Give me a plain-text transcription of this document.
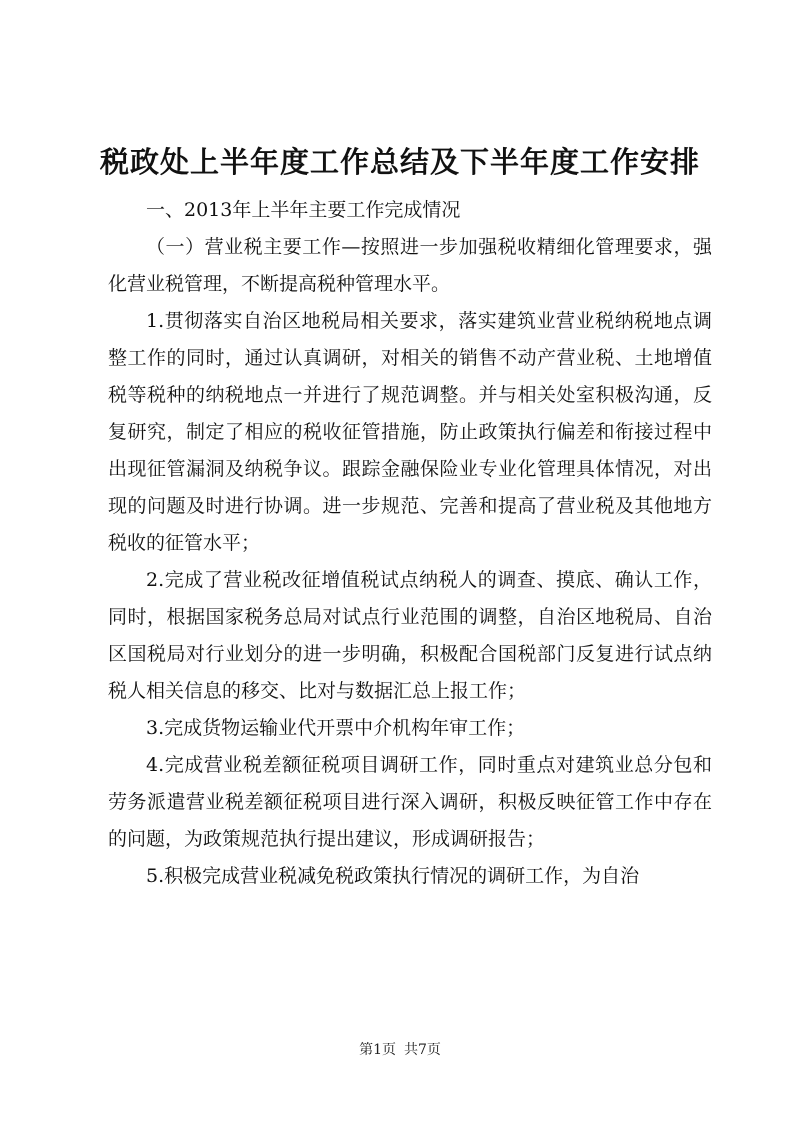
税政处上半年度工作总结及下半年度工作安排

一、2013年上半年主要工作完成情况

（一）营业税主要工作—按照进一步加强税收精细化管理要求，强化营业税管理，不断提高税种管理水平。

1.贯彻落实自治区地税局相关要求，落实建筑业营业税纳税地点调整工作的同时，通过认真调研，对相关的销售不动产营业税、土地增值税等税种的纳税地点一并进行了规范调整。并与相关处室积极沟通，反复研究，制定了相应的税收征管措施，防止政策执行偏差和衔接过程中出现征管漏洞及纳税争议。跟踪金融保险业专业化管理具体情况，对出现的问题及时进行协调。进一步规范、完善和提高了营业税及其他地方税收的征管水平；

2.完成了营业税改征增值税试点纳税人的调查、摸底、确认工作，同时，根据国家税务总局对试点行业范围的调整，自治区地税局、自治区国税局对行业划分的进一步明确，积极配合国税部门反复进行试点纳税人相关信息的移交、比对与数据汇总上报工作；

3.完成货物运输业代开票中介机构年审工作；

4.完成营业税差额征税项目调研工作，同时重点对建筑业总分包和劳务派遣营业税差额征税项目进行深入调研，积极反映征管工作中存在的问题，为政策规范执行提出建议，形成调研报告；

5.积极完成营业税减免税政策执行情况的调研工作，为自治

第1页 共7页
